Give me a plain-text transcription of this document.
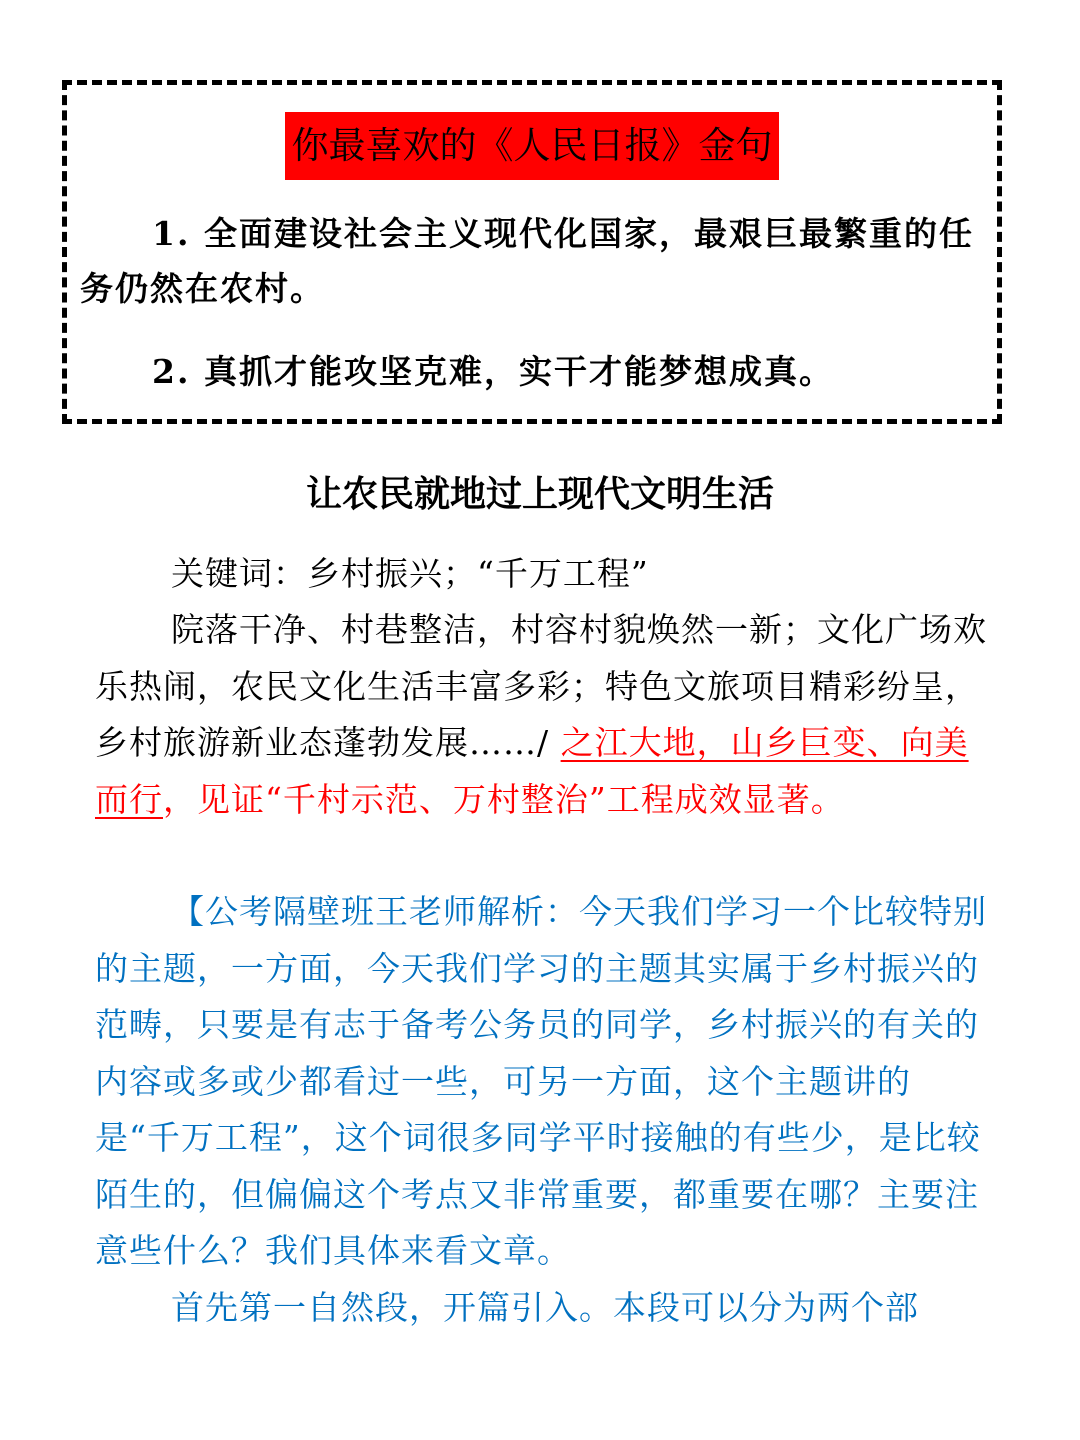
你最喜欢的《人民日报》金句

1. 全面建设社会主义现代化国家，最艰巨最繁重的任务仍然在农村。

2. 真抓才能攻坚克难，实干才能梦想成真。

让农民就地过上现代文明生活

关键词：乡村振兴；“千万工程”

院落干净、村巷整洁，村容村貌焕然一新；文化广场欢乐热闹，农民文化生活丰富多彩；特色文旅项目精彩纷呈，乡村旅游新业态蓬勃发展……/ 之江大地，山乡巨变、向美而行，见证“千村示范、万村整治”工程成效显著。

【公考隔壁班王老师解析：今天我们学习一个比较特别的主题，一方面，今天我们学习的主题其实属于乡村振兴的范畴，只要是有志于备考公务员的同学，乡村振兴的有关的内容或多或少都看过一些，可另一方面，这个主题讲的是“千万工程”，这个词很多同学平时接触的有些少，是比较陌生的，但偏偏这个考点又非常重要，都重要在哪？主要注意些什么？我们具体来看文章。

首先第一自然段，开篇引入。本段可以分为两个部
